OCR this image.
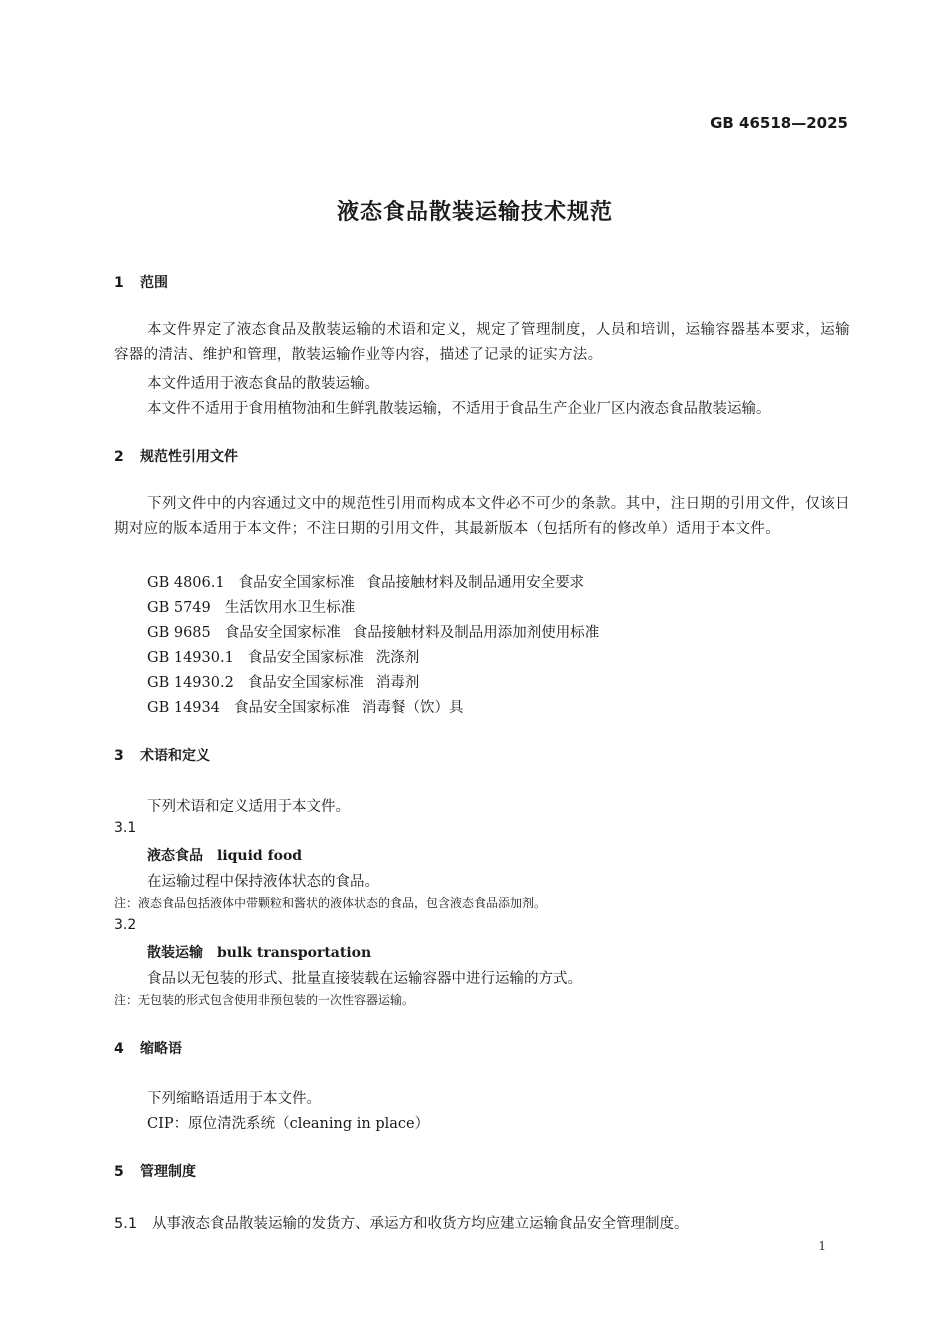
GB 46518—2025
液态食品散装运输技术规范
1 范围
本文件界定了液态食品及散装运输的术语和定义，规定了管理制度，人员和培训，运输容器基本要求，运输容器的清洁、维护和管理，散装运输作业等内容，描述了记录的证实方法。
本文件适用于液态食品的散装运输。
本文件不适用于食用植物油和生鲜乳散装运输，不适用于食品生产企业厂区内液态食品散装运输。
2 规范性引用文件
下列文件中的内容通过文中的规范性引用而构成本文件必不可少的条款。其中，注日期的引用文件，仅该日期对应的版本适用于本文件；不注日期的引用文件，其最新版本（包括所有的修改单）适用于本文件。
GB 4806.1 食品安全国家标准 食品接触材料及制品通用安全要求
GB 5749 生活饮用水卫生标准
GB 9685 食品安全国家标准 食品接触材料及制品用添加剂使用标准
GB 14930.1 食品安全国家标准 洗涤剂
GB 14930.2 食品安全国家标准 消毒剂
GB 14934 食品安全国家标准 消毒餐（饮）具
3 术语和定义
下列术语和定义适用于本文件。
3.1
液态食品 liquid food
在运输过程中保持液体状态的食品。
注：液态食品包括液体中带颗粒和酱状的液体状态的食品，包含液态食品添加剂。
3.2
散装运输 bulk transportation
食品以无包装的形式、批量直接装载在运输容器中进行运输的方式。
注：无包装的形式包含使用非预包装的一次性容器运输。
4 缩略语
下列缩略语适用于本文件。
CIP：原位清洗系统（cleaning in place）
5 管理制度
5.1 从事液态食品散装运输的发货方、承运方和收货方均应建立运输食品安全管理制度。
1
